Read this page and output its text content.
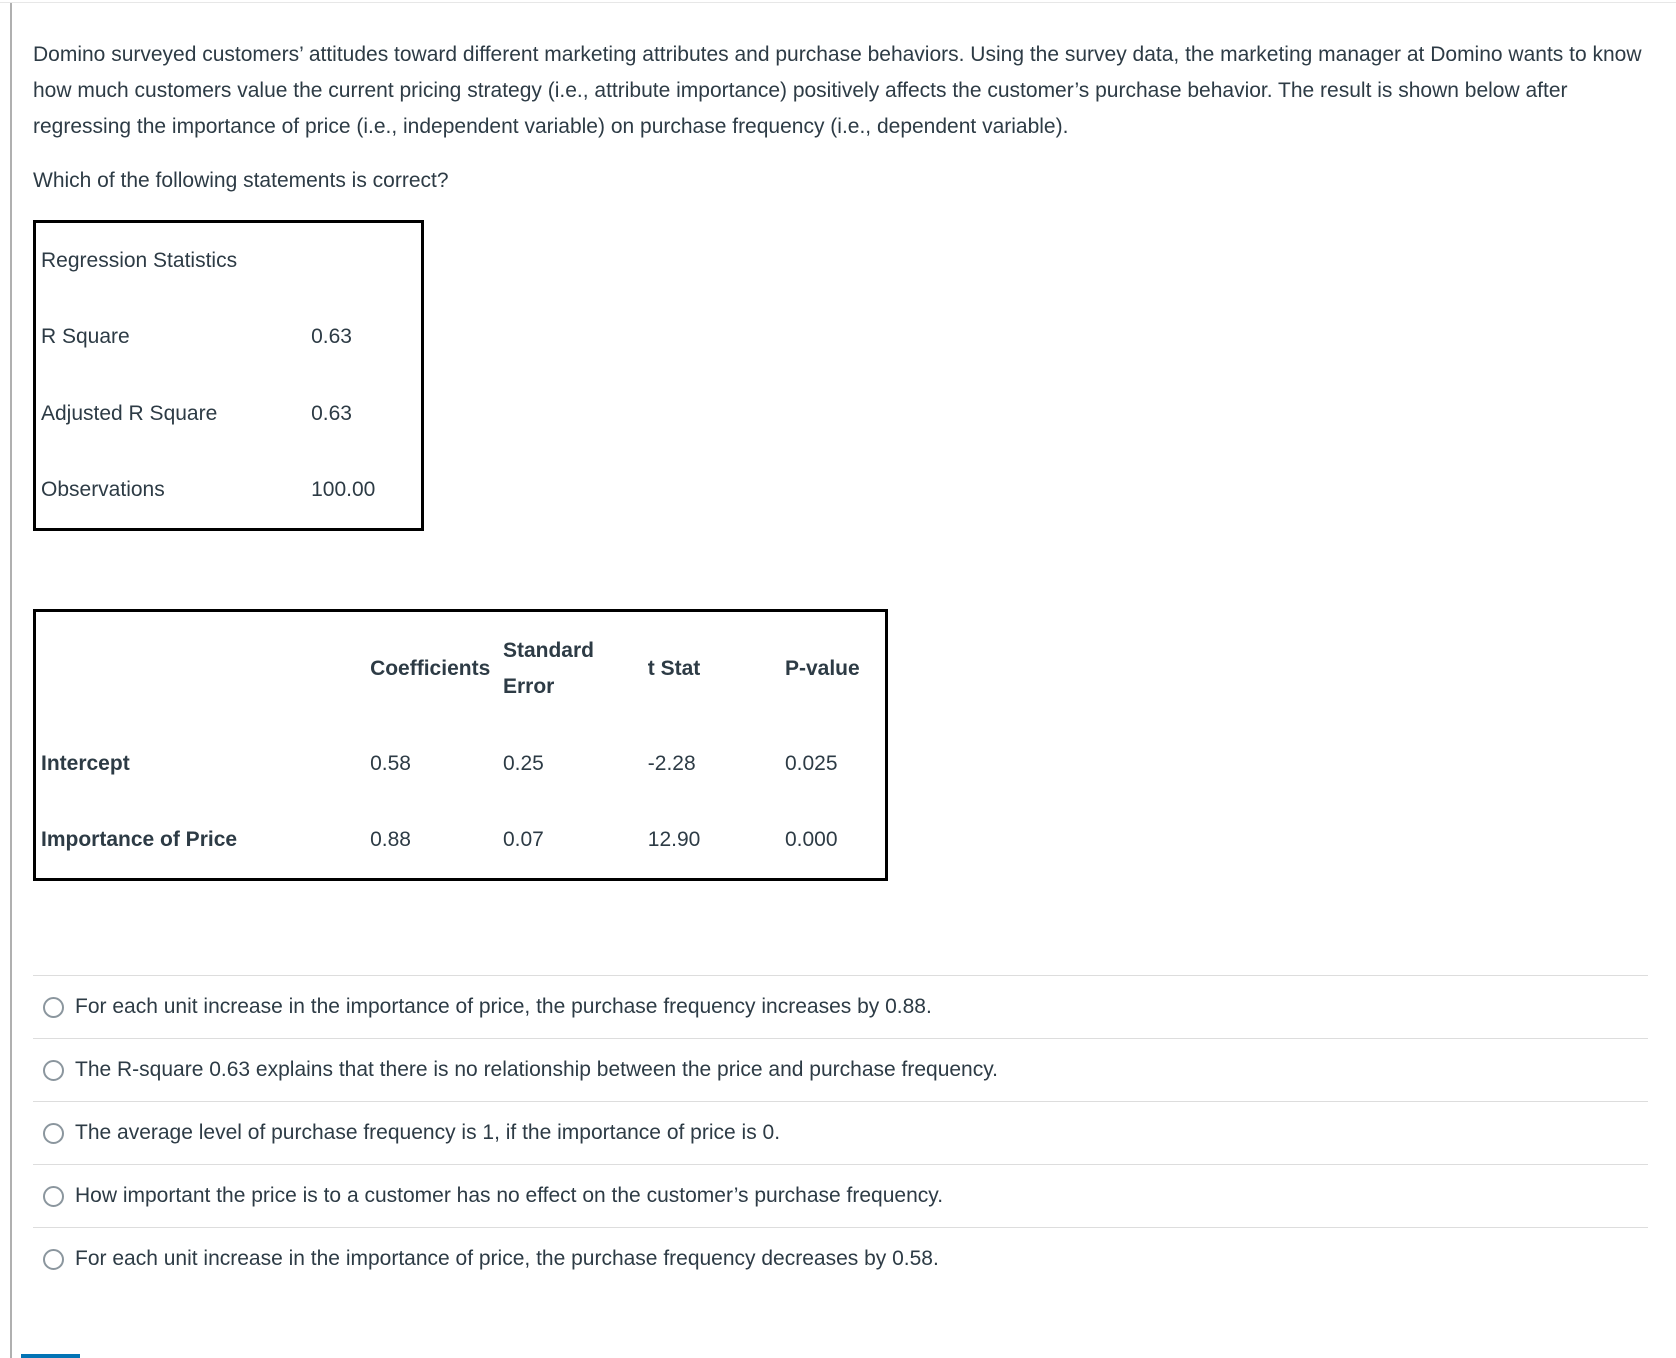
Domino surveyed customers’ attitudes toward different marketing attributes and purchase behaviors. Using the survey data, the marketing manager at Domino wants to know how much customers value the current pricing strategy (i.e., attribute importance) positively affects the customer’s purchase behavior. The result is shown below after regressing the importance of price (i.e., independent variable) on purchase frequency (i.e., dependent variable).

Which of the following statements is correct?

Regression Statistics	
R Square	0.63
Adjusted R Square	0.63
Observations	100.00
	Coefficients	Standard Error	t Stat	P-value
Intercept	0.58	0.25	-2.28	0.025
Importance of Price	0.88	0.07	12.90	0.000
For each unit increase in the importance of price, the purchase frequency increases by 0.88.
The R-square 0.63 explains that there is no relationship between the price and purchase frequency.
The average level of purchase frequency is 1, if the importance of price is 0.
How important the price is to a customer has no effect on the customer’s purchase frequency.
For each unit increase in the importance of price, the purchase frequency decreases by 0.58.
